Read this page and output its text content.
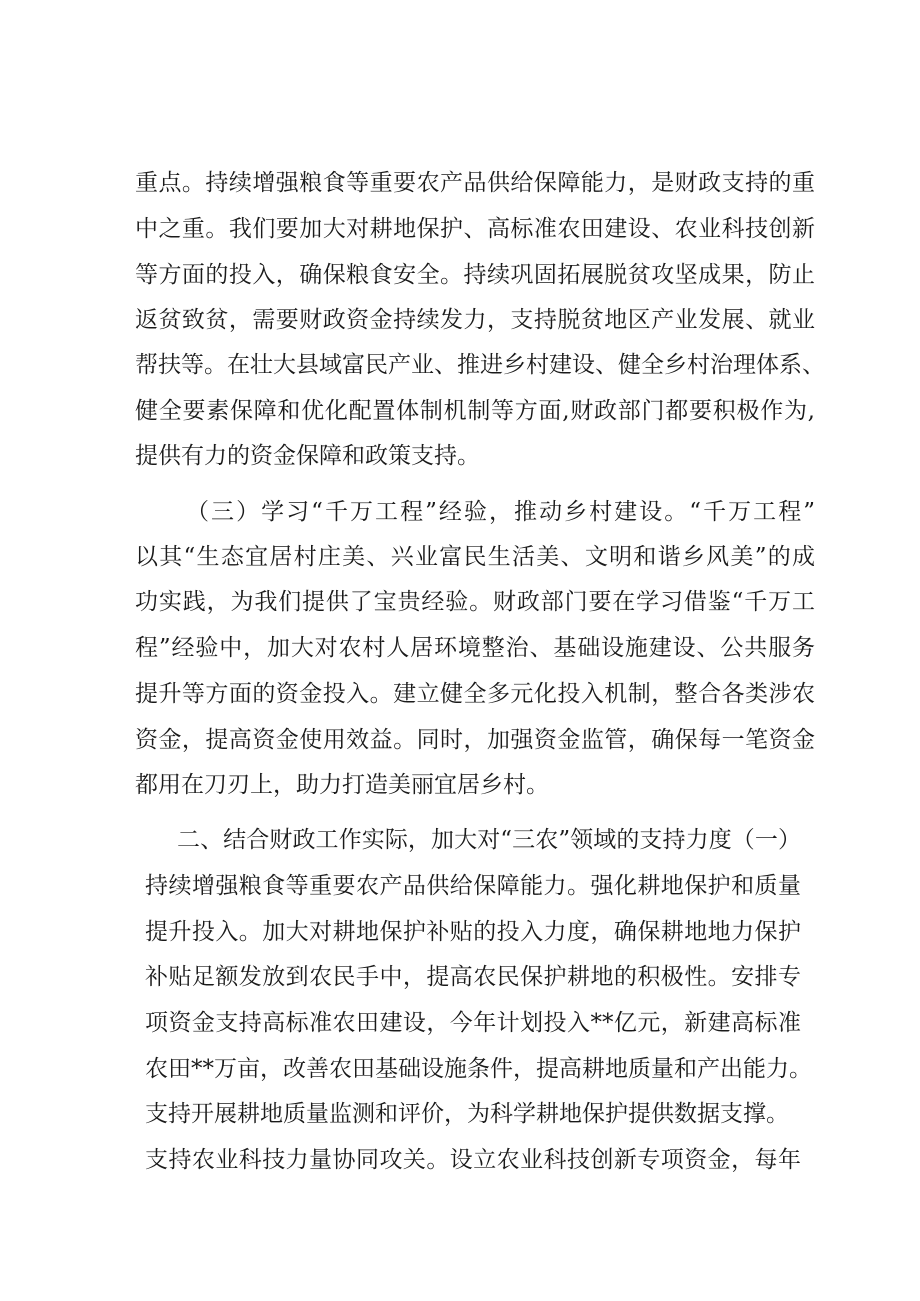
重点。持续增强粮食等重要农产品供给保障能力，是财政支持的重
中之重。我们要加大对耕地保护、高标准农田建设、农业科技创新
等方面的投入，确保粮食安全。持续巩固拓展脱贫攻坚成果，防止
返贫致贫，需要财政资金持续发力，支持脱贫地区产业发展、就业
帮扶等。在壮大县域富民产业、推进乡村建设、健全乡村治理体系、
健全要素保障和优化配置体制机制等方面,财政部门都要积极作为,
提供有力的资金保障和政策支持。
（三）学习“千万工程”经验，推动乡村建设。“千万工程”
以其“生态宜居村庄美、兴业富民生活美、文明和谐乡风美”的成
功实践，为我们提供了宝贵经验。财政部门要在学习借鉴“千万工
程”经验中，加大对农村人居环境整治、基础设施建设、公共服务
提升等方面的资金投入。建立健全多元化投入机制，整合各类涉农
资金，提高资金使用效益。同时，加强资金监管，确保每一笔资金
都用在刀刃上，助力打造美丽宜居乡村。
二、结合财政工作实际，加大对“三农”领域的支持力度（一）
持续增强粮食等重要农产品供给保障能力。强化耕地保护和质量
提升投入。加大对耕地保护补贴的投入力度，确保耕地地力保护
补贴足额发放到农民手中，提高农民保护耕地的积极性。安排专
项资金支持高标准农田建设，今年计划投入**亿元，新建高标准
农田**万亩，改善农田基础设施条件，提高耕地质量和产出能力。
支持开展耕地质量监测和评价，为科学耕地保护提供数据支撑。
支持农业科技力量协同攻关。设立农业科技创新专项资金，每年
